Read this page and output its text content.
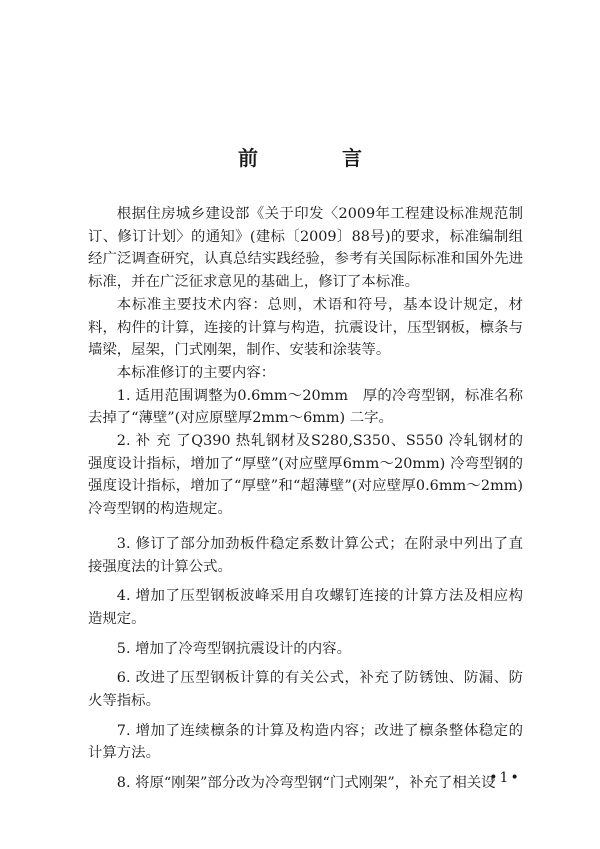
前　言

根据住房城乡建设部《关于印发〈2009年工程建设标准规范制订、修订计划〉的通知》(建标〔2009〕88号)的要求，标准编制组经广泛调查研究，认真总结实践经验，参考有关国际标准和国外先进标准，并在广泛征求意见的基础上，修订了本标准。

本标准主要技术内容：总则，术语和符号，基本设计规定，材料，构件的计算，连接的计算与构造，抗震设计，压型钢板，檩条与墙梁，屋架，门式刚架，制作、安装和涂装等。

本标准修订的主要内容：

1. 适用范围调整为0.6mm～20mm　厚的冷弯型钢，标准名称去掉了“薄壁”(对应原壁厚2mm～6mm) 二字。

2. 补 充 了Q390 热轧钢材及S280,S350、S550 冷轧钢材的强度设计指标，增加了“厚壁”(对应壁厚6mm～20mm) 冷弯型钢的强度设计指标，增加了“厚壁”和“超薄壁”(对应壁厚0.6mm～2mm) 冷弯型钢的构造规定。

3. 修订了部分加劲板件稳定系数计算公式；在附录中列出了直接强度法的计算公式。

4. 增加了压型钢板波峰采用自攻螺钉连接的计算方法及相应构造规定。

5. 增加了冷弯型钢抗震设计的内容。

6. 改进了压型钢板计算的有关公式，补充了防锈蚀、防漏、防火等指标。

7. 增加了连续檩条的计算及构造内容；改进了檩条整体稳定的计算方法。

8. 将原“刚架”部分改为冷弯型钢“门式刚架”，补充了相关设

•1•
